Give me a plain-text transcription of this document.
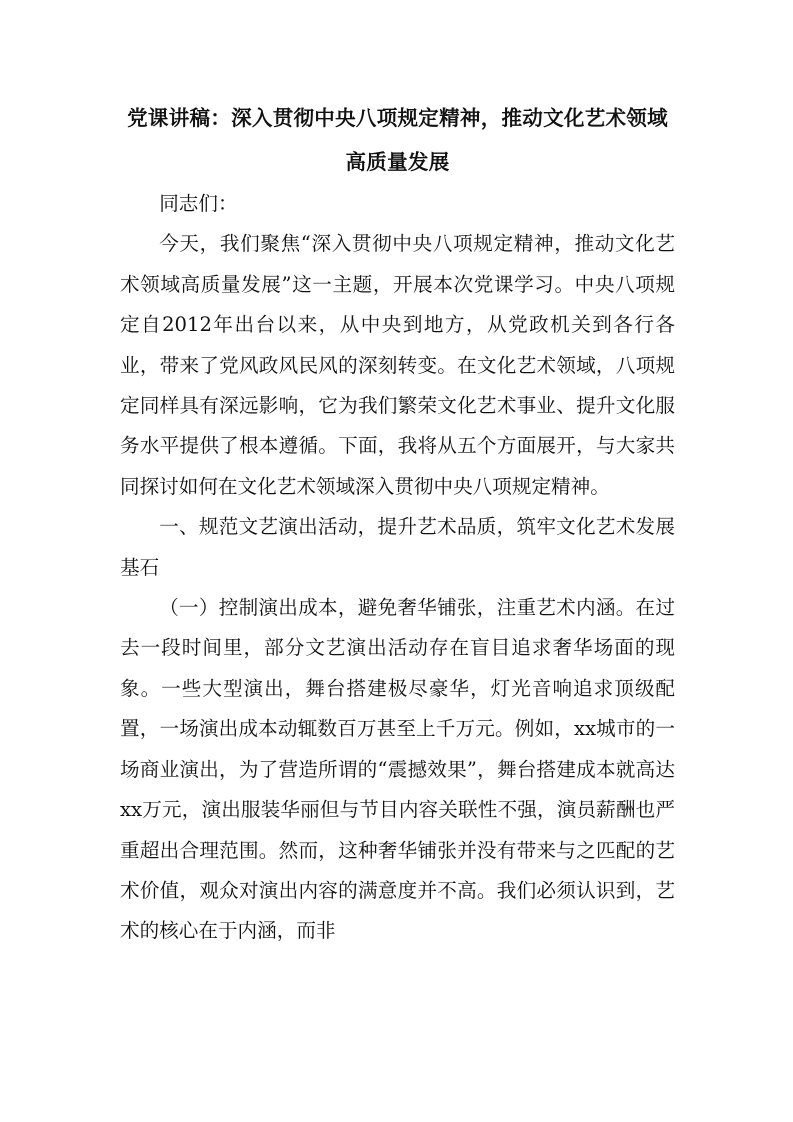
党课讲稿：深入贯彻中央八项规定精神，推动文化艺术领域
高质量发展

同志们：

今天，我们聚焦“深入贯彻中央八项规定精神，推动文化艺术领域高质量发展”这一主题，开展本次党课学习。中央八项规定自2012年出台以来，从中央到地方，从党政机关到各行各业，带来了党风政风民风的深刻转变。在文化艺术领域，八项规定同样具有深远影响，它为我们繁荣文化艺术事业、提升文化服务水平提供了根本遵循。下面，我将从五个方面展开，与大家共同探讨如何在文化艺术领域深入贯彻中央八项规定精神。

一、规范文艺演出活动，提升艺术品质，筑牢文化艺术发展基石

（一）控制演出成本，避免奢华铺张，注重艺术内涵。在过去一段时间里，部分文艺演出活动存在盲目追求奢华场面的现象。一些大型演出，舞台搭建极尽豪华，灯光音响追求顶级配置，一场演出成本动辄数百万甚至上千万元。例如，xx城市的一场商业演出，为了营造所谓的“震撼效果”，舞台搭建成本就高达xx万元，演出服装华丽但与节目内容关联性不强，演员薪酬也严重超出合理范围。然而，这种奢华铺张并没有带来与之匹配的艺术价值，观众对演出内容的满意度并不高。我们必须认识到，艺术的核心在于内涵，而非
